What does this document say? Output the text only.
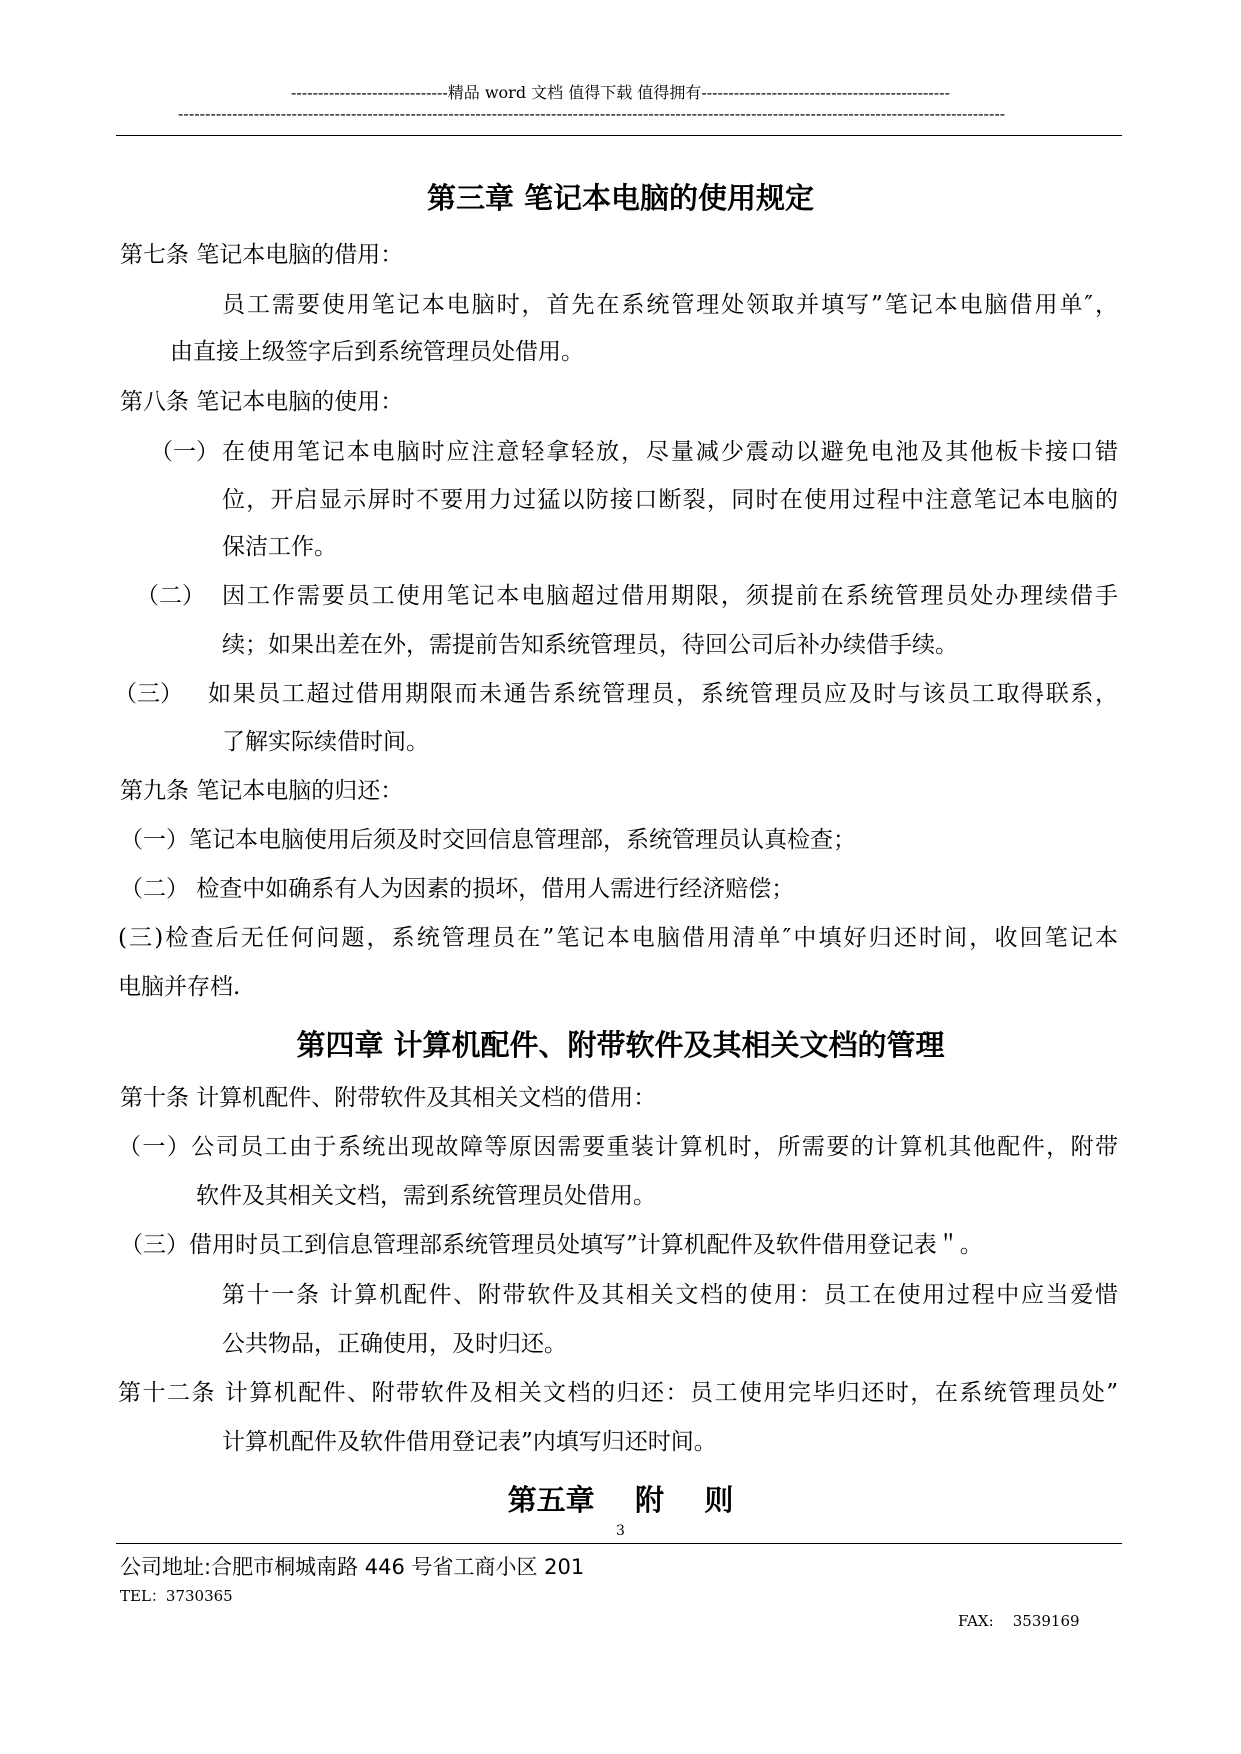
-----------------------------精品 word 文档 值得下载 值得拥有----------------------------------------------
---------------------------------------------------------------------------------------------------------------------------------------------------------
第三章 笔记本电脑的使用规定
第七条 笔记本电脑的借用：
员工需要使用笔记本电脑时，首先在系统管理处领取并填写”笔记本电脑借用单″，
由直接上级签字后到系统管理员处借用。
第八条 笔记本电脑的使用：
（一） 在使用笔记本电脑时应注意轻拿轻放，尽量减少震动以避免电池及其他板卡接口错
位，开启显示屏时不要用力过猛以防接口断裂，同时在使用过程中注意笔记本电脑的
保洁工作。
（二） 因工作需要员工使用笔记本电脑超过借用期限，须提前在系统管理员处办理续借手
续；如果出差在外，需提前告知系统管理员，待回公司后补办续借手续。
（三） 如果员工超过借用期限而未通告系统管理员，系统管理员应及时与该员工取得联系，
了解实际续借时间。
第九条 笔记本电脑的归还：
（一）笔记本电脑使用后须及时交回信息管理部，系统管理员认真检查；
（二） 检查中如确系有人为因素的损坏，借用人需进行经济赔偿；
(三)检查后无任何问题，系统管理员在”笔记本电脑借用清单″中填好归还时间，收回笔记本
电脑并存档.
第四章 计算机配件、附带软件及其相关文档的管理
第十条 计算机配件、附带软件及其相关文档的借用：
（一）公司员工由于系统出现故障等原因需要重装计算机时，所需要的计算机其他配件，附带
软件及其相关文档，需到系统管理员处借用。
（三）借用时员工到信息管理部系统管理员处填写”计算机配件及软件借用登记表＂。
第十一条 计算机配件、附带软件及其相关文档的使用：员工在使用过程中应当爱惜
公共物品，正确使用，及时归还。
第十二条 计算机配件、附带软件及相关文档的归还：员工使用完毕归还时，在系统管理员处”
计算机配件及软件借用登记表”内填写归还时间。
第五章    附    则
3
公司地址:合肥市桐城南路 446 号省工商小区 201
TEL：3730365
FAX:    3539169
